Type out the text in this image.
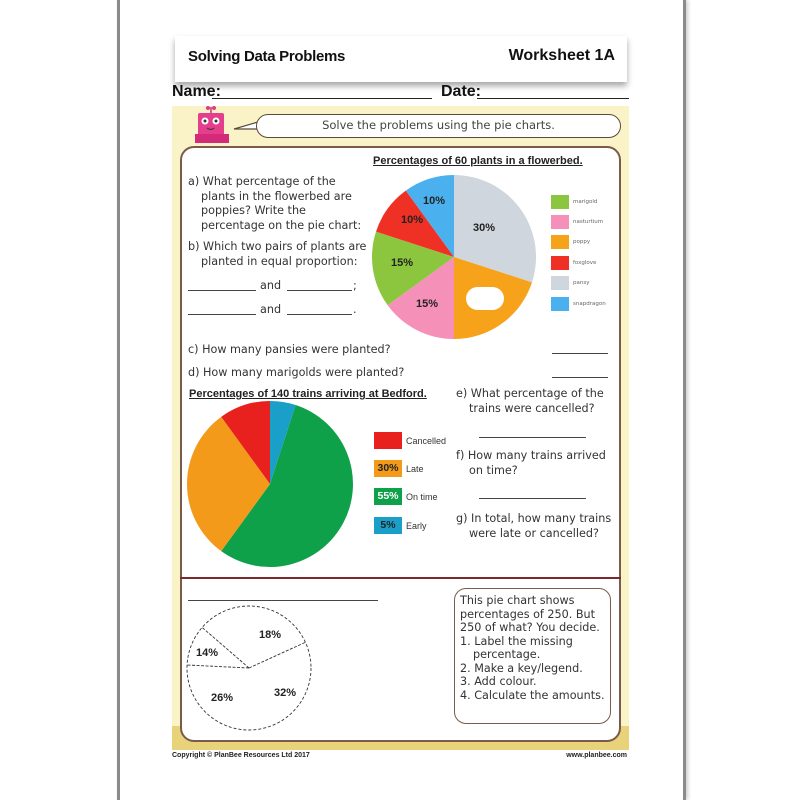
Solving Data Problems	Worksheet 1A
Name:	Date:
Solve the problems using the pie charts.
Percentages of 60 plants in a flowerbed.
a) What percentage of the
plants in the flowerbed are
poppies? Write the
percentage on the pie chart:
b) Which two pairs of plants are
planted in equal proportion:
and	;
and	.
30%
15%
15%
10%
10%	marigold
nasturtium
poppy
foxglove
pansy
snapdragon
c) How many pansies were planted?
d) How many marigolds were planted?
Percentages of 140 trains arriving at Bedford.
Cancelled
30% Late
55% On time
5%	Early
e) What percentage of the
trains were cancelled?
f) How many trains arrived
on time?
g) In total, how many trains
were late or cancelled?
18%
32%
26%
14%

This pie chart shows

percentages of 250. But

250 of what? You decide.

1. Label the missing

percentage.

2. Make a key/legend.

3. Add colour.

4. Calculate the amounts.

Copyright © PlanBee Resources Ltd 2017	www.planbee.com
